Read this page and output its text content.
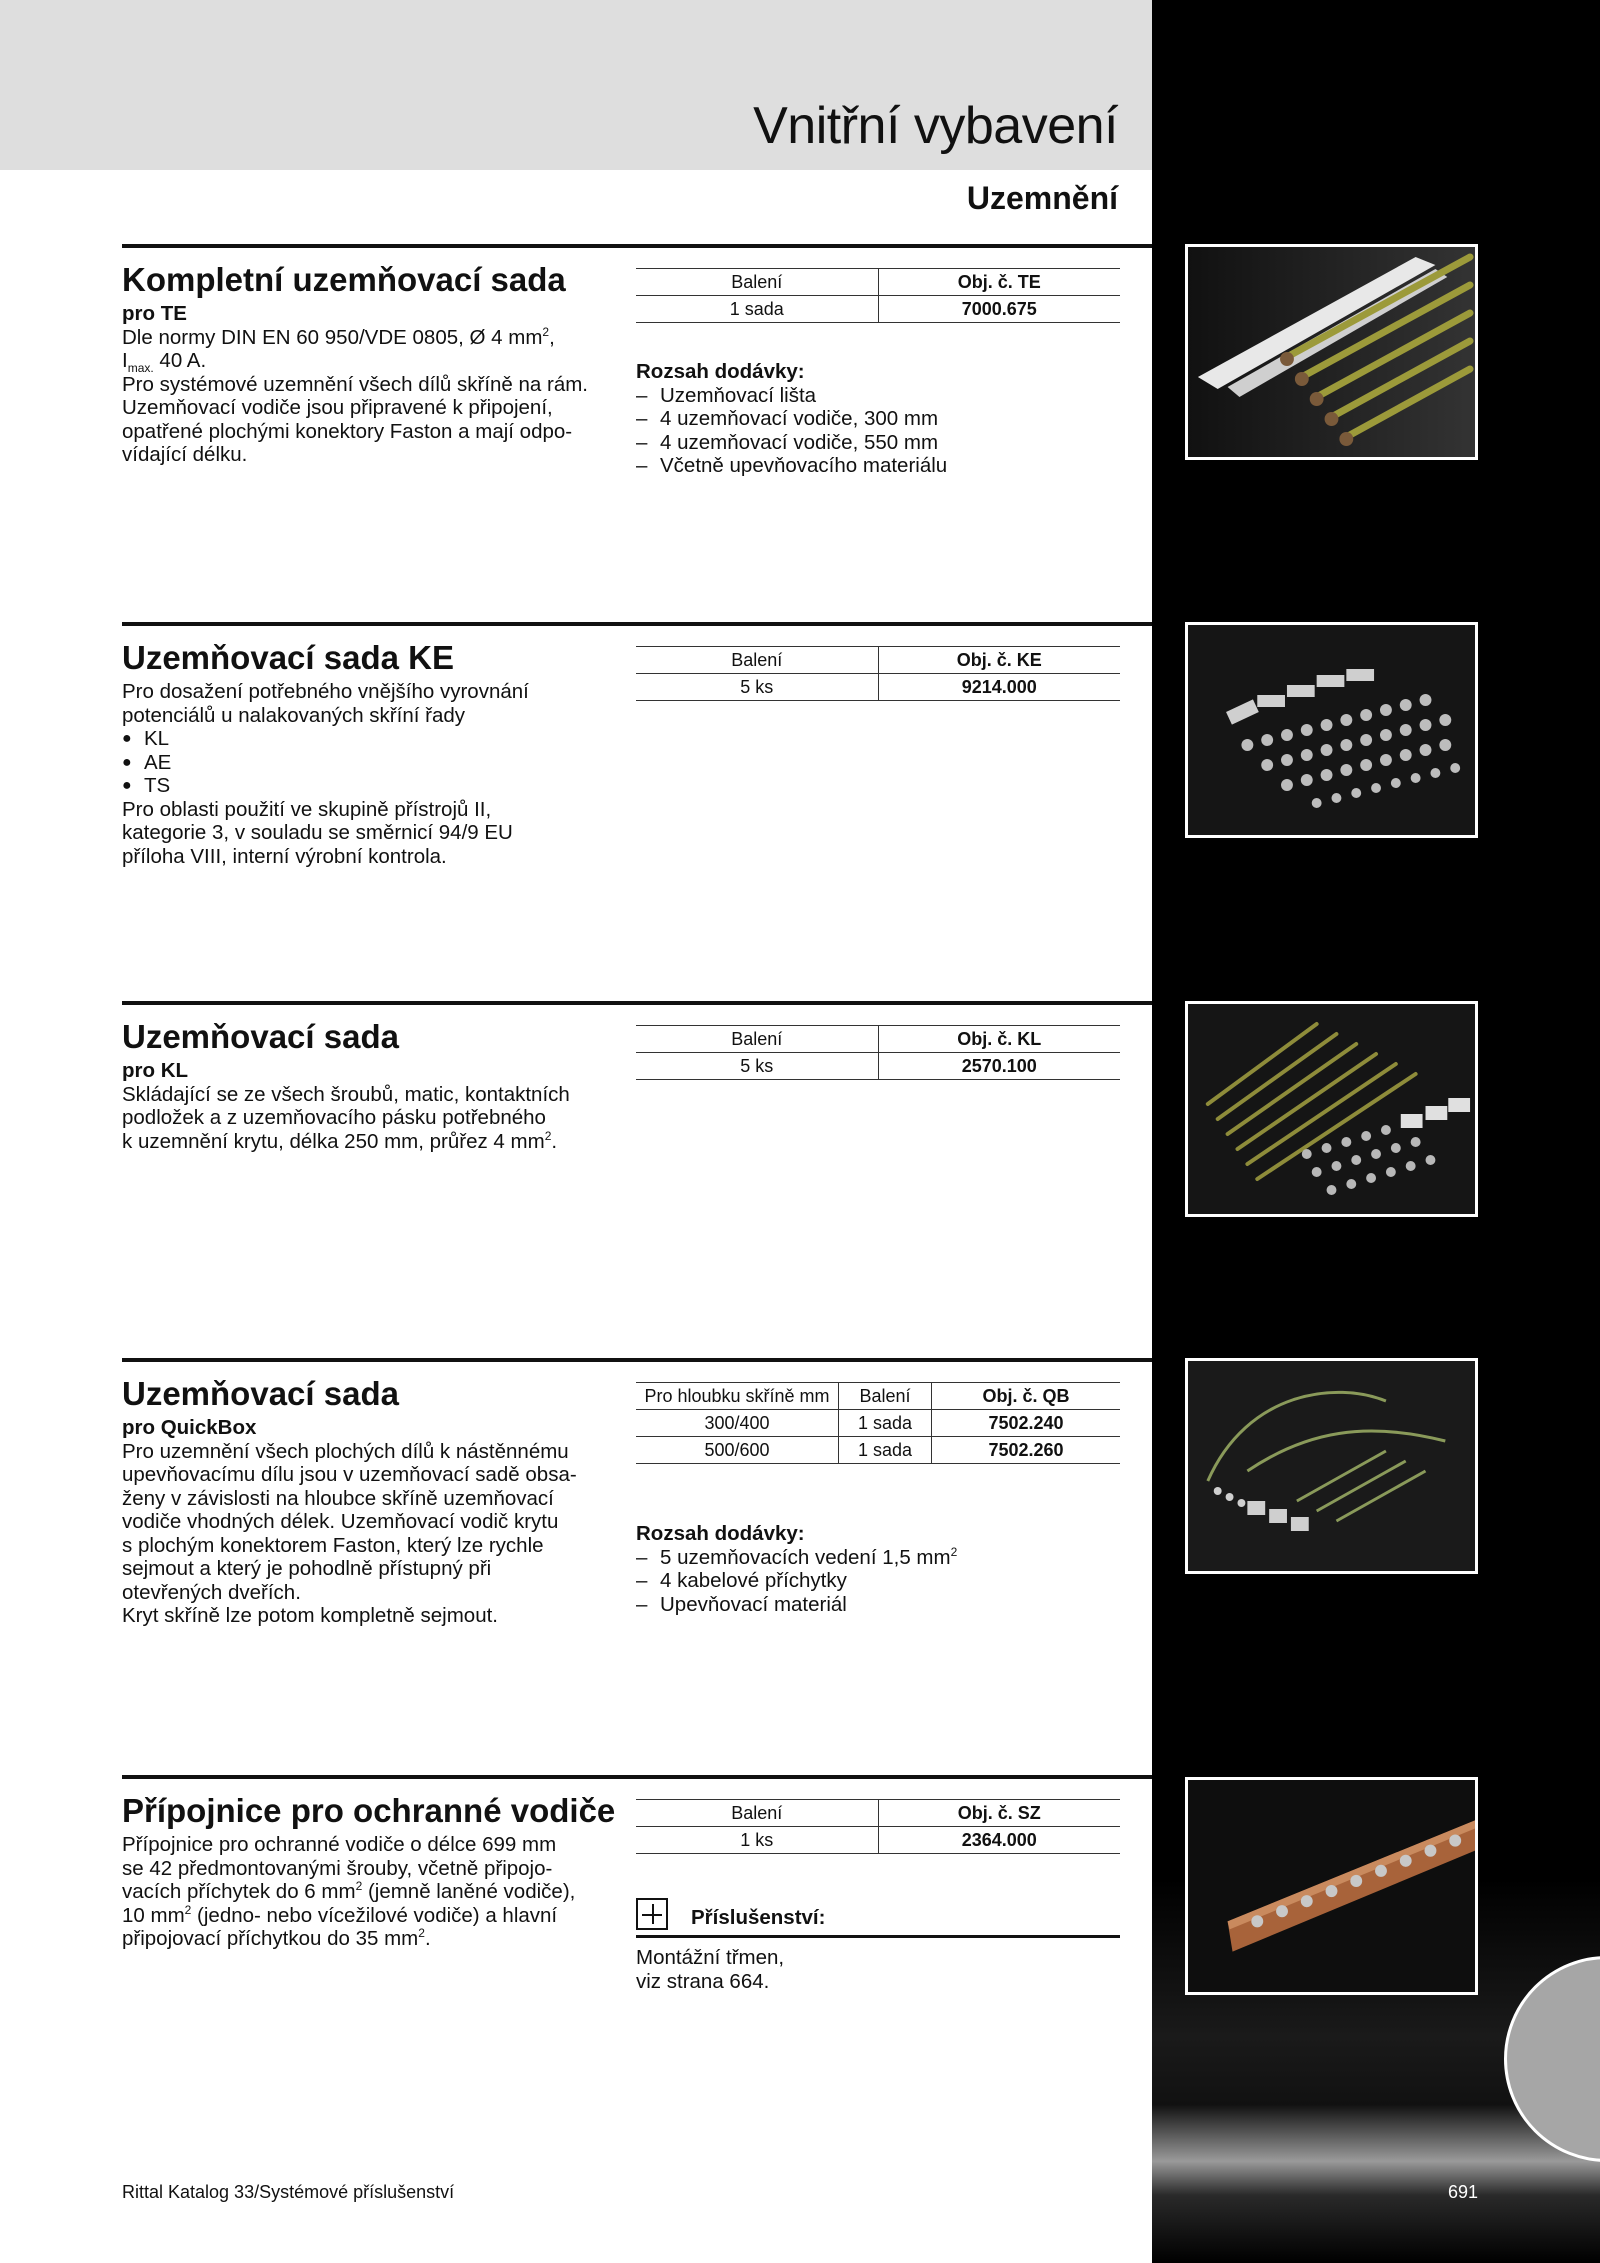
Vnitřní vybavení
Uzemnění
Kompletní uzemňovací sada

pro TE

Dle normy DIN EN 60 950/VDE 0805, Ø 4 $mm^2$,

$I_{max.}$ 40 A.

Pro systémové uzemnění všech dílů skříně na rám.

Uzemňovací vodiče jsou připravené k připojení,

opatřené plochými konektory Faston a mají odpo-

vídající délku.

Balení	Obj. č. TE
1 sada	7000.675
Rozsah dodávky:
– Uzemňovací lišta
– 4 uzemňovací vodiče, 300 mm
– 4 uzemňovací vodiče, 550 mm
– Včetně upevňovacího materiálu
Uzemňovací sada KE

Pro dosažení potřebného vnějšího vyrovnání

potenciálů u nalakovaných skříní řady

● KL
● AE
● TS

Pro oblasti použití ve skupině přístrojů II,

kategorie 3, v souladu se směrnicí 94/9 EU

příloha VIII, interní výrobní kontrola.

Balení	Obj. č. KE
5 ks	9214.000
Uzemňovací sada

pro KL

Skládající se ze všech šroubů, matic, kontaktních

podložek a z uzemňovacího pásku potřebného

k uzemnění krytu, délka 250 mm, průřez 4 $mm^2$.

Balení	Obj. č. KL
5 ks	2570.100
Uzemňovací sada

pro QuickBox

Pro uzemnění všech plochých dílů k nástěnnému

upevňovacímu dílu jsou v uzemňovací sadě obsa-

ženy v závislosti na hloubce skříně uzemňovací

vodiče vhodných délek. Uzemňovací vodič krytu

s plochým konektorem Faston, který lze rychle

sejmout a který je pohodlně přístupný při

otevřených dveřích.

Kryt skříně lze potom kompletně sejmout.

Pro hloubku skříně mm	Balení	Obj. č. QB
300/400	1 sada	7502.240
500/600	1 sada	7502.260
Rozsah dodávky:
– 5 uzemňovacích vedení 1,5 $mm^2$
– 4 kabelové příchytky
– Upevňovací materiál
Přípojnice pro ochranné vodiče

Přípojnice pro ochranné vodiče o délce 699 mm

se 42 předmontovanými šrouby, včetně připojo-

vacích příchytek do 6 $mm^2$ (jemně laněné vodiče),

10 $mm^2$ (jedno- nebo vícežilové vodiče) a hlavní

připojovací příchytkou do 35 $mm^2$.

Balení	Obj. č. SZ
1 ks	2364.000
Příslušenství:
Montážní třmen,
viz strana 664.
Rittal Katalog 33/Systémové příslušenství	691
